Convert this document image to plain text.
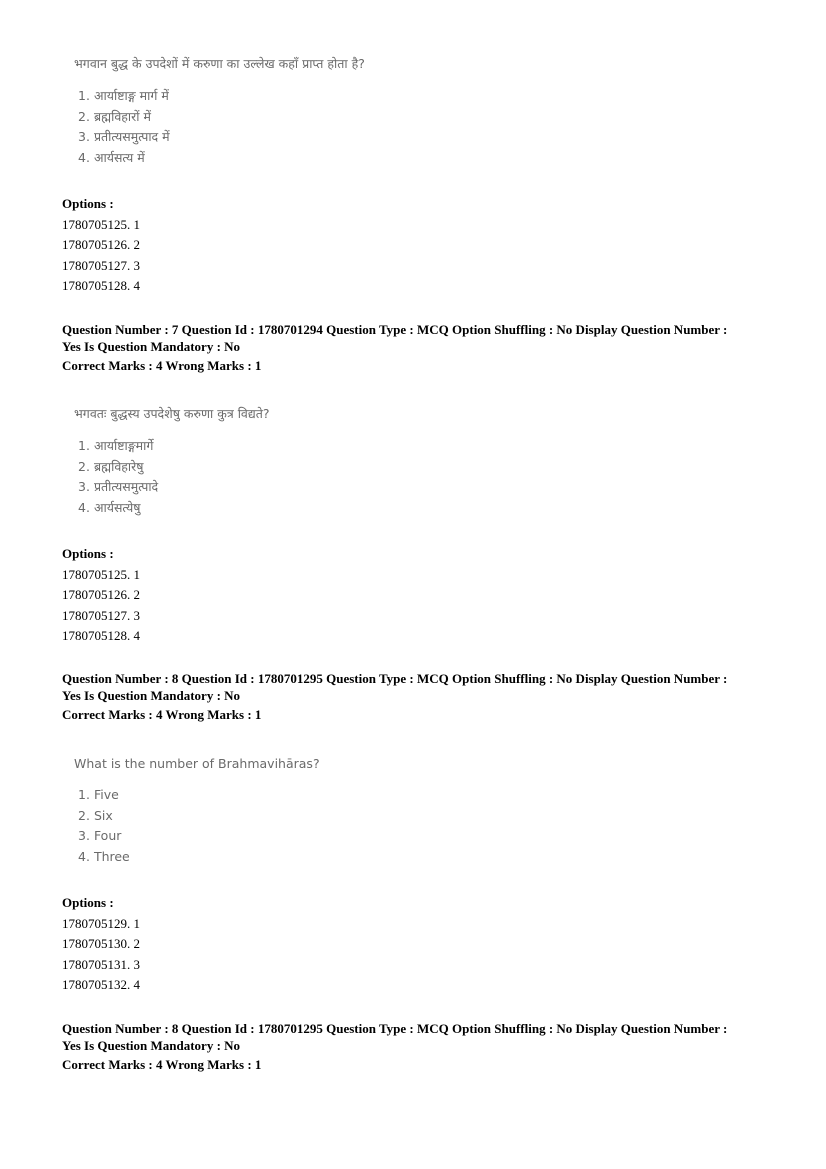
भगवान बुद्ध के उपदेशों में करुणा का उल्लेख कहाँ प्राप्त होता है?
1. आर्याष्टाङ्ग मार्ग में
2. ब्रह्मविहारों में
3. प्रतीत्यसमुत्पाद में
4. आर्यसत्य में
Options :
1780705125. 1
1780705126. 2
1780705127. 3
1780705128. 4
Question Number : 7 Question Id : 1780701294 Question Type : MCQ Option Shuffling : No Display Question Number :
Yes Is Question Mandatory : No
Correct Marks : 4 Wrong Marks : 1
भगवतः बुद्धस्य उपदेशेषु करुणा कुत्र विद्यते?
1. आर्याष्टाङ्गमार्गे
2. ब्रह्मविहारेषु
3. प्रतीत्यसमुत्पादे
4. आर्यसत्येषु
Options :
1780705125. 1
1780705126. 2
1780705127. 3
1780705128. 4
Question Number : 8 Question Id : 1780701295 Question Type : MCQ Option Shuffling : No Display Question Number :
Yes Is Question Mandatory : No
Correct Marks : 4 Wrong Marks : 1
What is the number of Brahmavihāras?
1. Five
2. Six
3. Four
4. Three
Options :
1780705129. 1
1780705130. 2
1780705131. 3
1780705132. 4
Question Number : 8 Question Id : 1780701295 Question Type : MCQ Option Shuffling : No Display Question Number :
Yes Is Question Mandatory : No
Correct Marks : 4 Wrong Marks : 1
